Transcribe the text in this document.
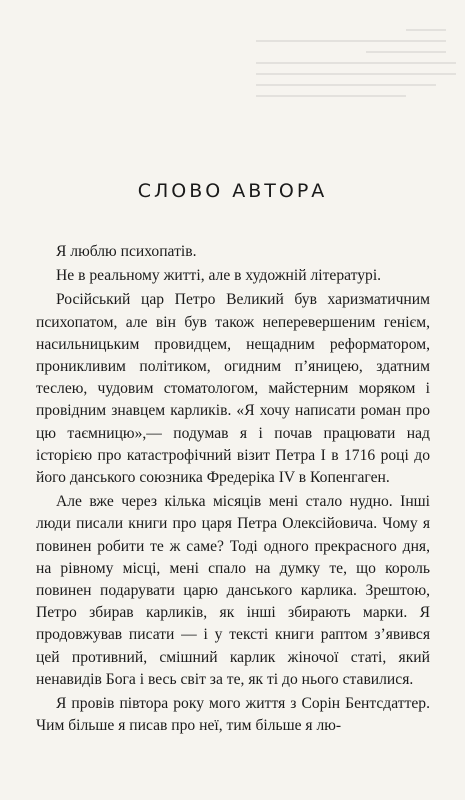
СЛОВО АВТОРА

Я люблю психопатів.

Не в реальному житті, але в художній літературі.

Російський цар Петро Великий був харизматичним психопатом, але він був також неперевершеним генієм, насильницьким провидцем, нещадним реформатором, проникливим політиком, огидним п’яницею, здатним теслею, чудовим стоматологом, майстерним моряком і провідним знавцем карликів. «Я хочу написати роман про цю таємницю»,— подумав я і почав працювати над історією про катастрофічний візит Петра I в 1716 році до його данського союзника Фредеріка IV в Копенгаген.

Але вже через кілька місяців мені стало нудно. Інші люди писали книги про царя Петра Олексійовича. Чому я повинен робити те ж саме? Тоді одного прекрасного дня, на рівному місці, мені спало на думку те, що король повинен подарувати царю данського карлика. Зрештою, Петро збирав карликів, як інші збирають марки. Я продовжував писати — і у тексті книги раптом з’явився цей противний, смішний карлик жіночої статі, який ненавидів Бога і весь світ за те, як ті до нього ставилися.

Я провів півтора року мого життя з Сорін Бентсдаттер. Чим більше я писав про неї, тим більше я лю-
